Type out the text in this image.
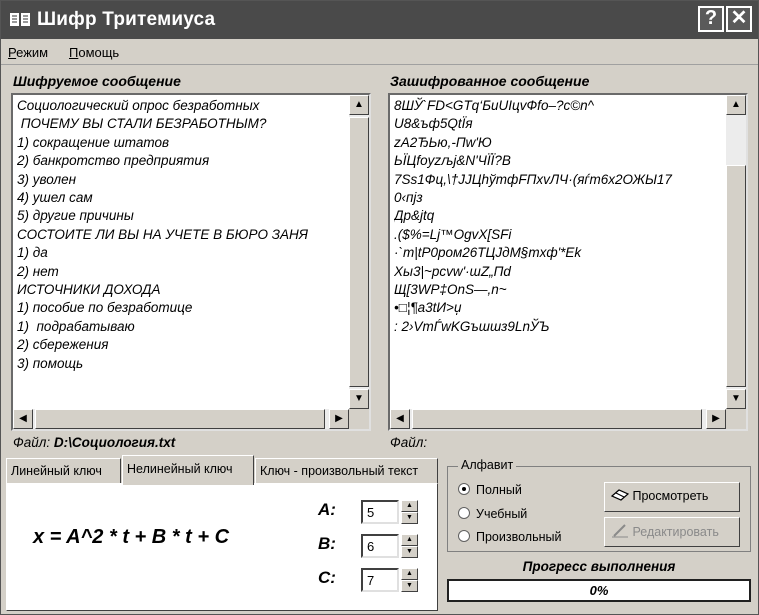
Шифр Тритемиуса	? ✕
Режим Помощь
Шифруемое сообщение
Социологический опрос безработных
ПОЧЕМУ ВЫ СТАЛИ БЕЗРАБОТНЫМ?
1) сокращение штатов
2) банкротство предприятия
3) уволен
4) ушел сам
5) другие причины
СОСТОИТЕ ЛИ ВЫ НА УЧЕТЕ В БЮРО ЗАНЯ
1) да
2) нет
ИСТОЧНИКИ ДОХОДА
1) пособие по безработице
1)  подрабатываю
2) сбережения
3) помощь
▲
▼
◀	▶
Файл: D:\Социология.txt
Зашифрованное сообщение
8ШЎ`FD<GTq‘БиUIцvФfo–?c©n^
U8&ъф5QtЇя
zA2ЂЬю,-Пw'Ю
ЬЇЦfoyzљj&N'ЧЇЇ?В
7Ss1Фц,\†JJЦhўmфFПxvЛЧ·(яѓm6x2ОЖЫ17
0‹пjз
Др&jtq
.($%=Lj™OgvX[SFi
·`m|tP0pом26TЦJдМ§mxф'*Ek
Хы3|~pcvw'·шZ„Пd
Щ[3WP‡OnS—,n~
•□¦¶a3tИ>џ
: 2›VmЃwKGъшшз9LnЎЪ
▲
▼
◀	▶
Файл:
Линейный ключ	Нелинейный ключ	Ключ - произвольный текст
x = A^2 * t + B * t + C
A:	5	▲
▼
B:	6	▲
▼
C:	7	▲
▼
Алфавит
Полный
Учебный
Произвольный
Просмотреть
Редактировать
Прогресс выполнения
0%
